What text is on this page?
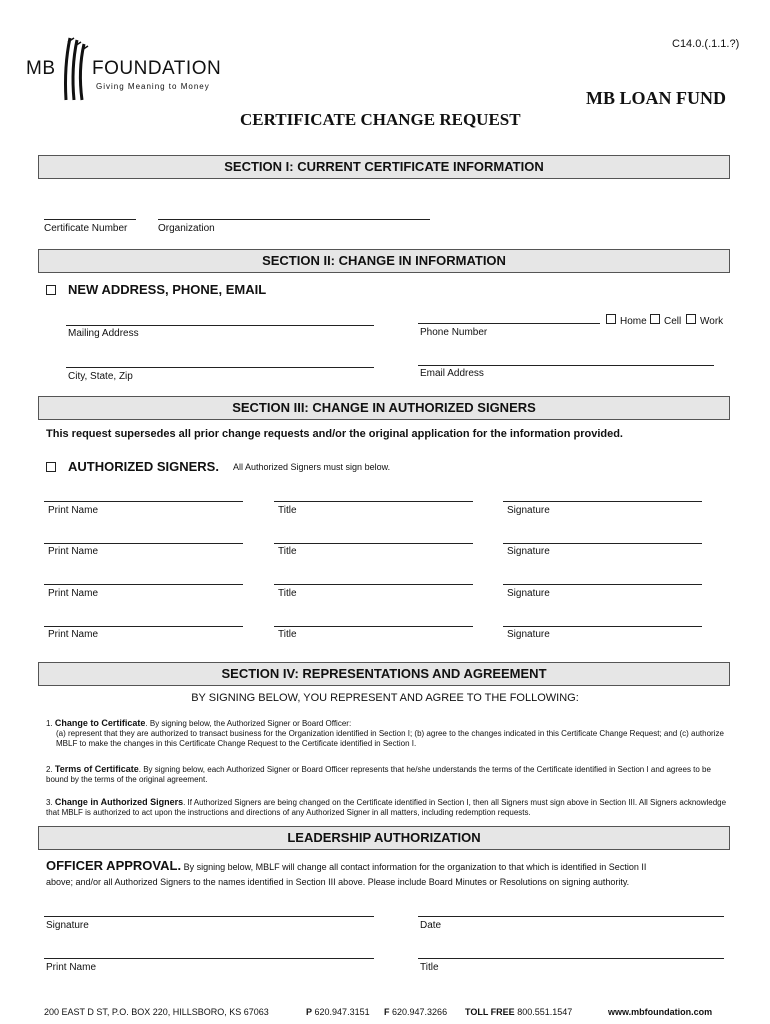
C14.0.(.1.1.?)
MB FOUNDATION
Giving Meaning to Money
MB LOAN FUND
CERTIFICATE CHANGE REQUEST
SECTION I: CURRENT CERTIFICATE INFORMATION
Certificate Number	Organization
SECTION II: CHANGE IN INFORMATION
NEW ADDRESS, PHONE, EMAIL
Mailing Address	Phone Number
Home Cell Work
City, State, Zip	Email Address
SECTION III: CHANGE IN AUTHORIZED SIGNERS
This request supersedes all prior change requests and/or the original application for the information provided.
AUTHORIZED SIGNERS. All Authorized Signers must sign below.
Print Name	Title	Signature
Print Name	Title	Signature
Print Name	Title	Signature
Print Name	Title	Signature
SECTION IV: REPRESENTATIONS AND AGREEMENT
BY SIGNING BELOW, YOU REPRESENT AND AGREE TO THE FOLLOWING:
1. Change to Certificate. By signing below, the Authorized Signer or Board Officer:
(a) represent that they are authorized to transact business for the Organization identified in Section I; (b) agree to the changes indicated in this Certificate Change Request; and (c) authorize MBLF to make the changes in this Certificate Change Request to the Certificate identified in Section I.
2. Terms of Certificate. By signing below, each Authorized Signer or Board Officer represents that he/she understands the terms of the Certificate identified in Section I and agrees to be bound by the terms of the original agreement.
3. Change in Authorized Signers. If Authorized Signers are being changed on the Certificate identified in Section I, then all Signers must sign above in Section III. All Signers acknowledge that MBLF is authorized to act upon the instructions and directions of any Authorized Signer in all matters, including redemption requests.
LEADERSHIP AUTHORIZATION
OFFICER APPROVAL. By signing below, MBLF will change all contact information for the organization to that which is identified in Section II
above; and/or all Authorized Signers to the names identified in Section III above. Please include Board Minutes or Resolutions on signing authority.
Signature	Date
Print Name	Title
200 EAST D ST, P.O. BOX 220, HILLSBORO, KS 67063	P 620.947.3151 F 620.947.3266 TOLL FREE 800.551.1547	www.mbfoundation.com
